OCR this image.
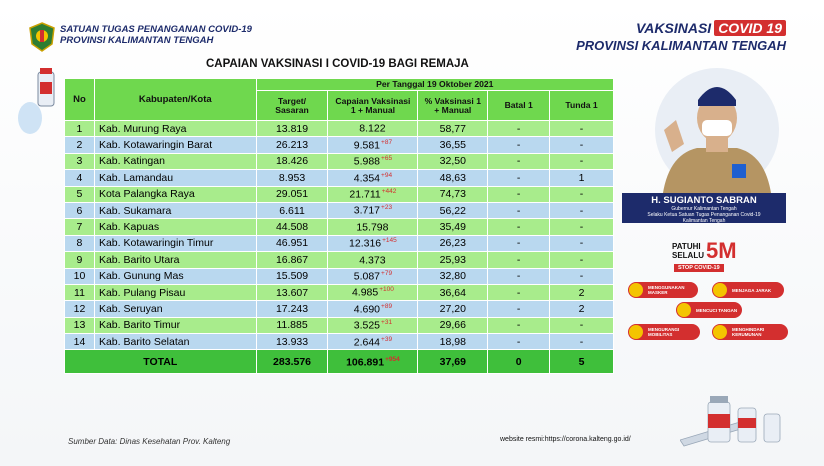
SATUAN TUGAS PENANGANAN COVID-19
PROVINSI KALIMANTAN TENGAH
VAKSINASI COVID 19
PROVINSI KALIMANTAN TENGAH
CAPAIAN VAKSINASI I COVID-19 BAGI REMAJA
No	Kabupaten/Kota	Per Tanggal 19 Oktober 2021				
		Target/ Sasaran	Capaian Vaksinasi 1 + Manual	% Vaksinasi 1 + Manual	Batal 1	Tunda 1
1	Kab. Murung Raya	13.819	8.122	58,77	-	-
2	Kab. Kotawaringin Barat	26.213	$9.581^{+87}$	36,55	-	-
3	Kab. Katingan	18.426	$5.988^{+65}$	32,50	-	-
4	Kab. Lamandau	8.953	$4.354^{+94}$	48,63	-	1
5	Kota Palangka Raya	29.051	$21.711^{+442}$	74,73	-	-
6	Kab. Sukamara	6.611	$3.717^{+23}$	56,22	-	-
7	Kab. Kapuas	44.508	15.798	35,49	-	-
8	Kab. Kotawaringin Timur	46.951	$12.316^{+145}$	26,23	-	-
9	Kab. Barito Utara	16.867	4.373	25,93	-	-
10	Kab. Gunung Mas	15.509	$5.087^{+79}$	32,80	-	-
11	Kab. Pulang Pisau	13.607	$4.985^{+100}$	36,64	-	2
12	Kab. Seruyan	17.243	$4.690^{+89}$	27,20	-	2
13	Kab. Barito Timur	11.885	$3.525^{+31}$	29,66	-	-
14	Kab. Barito Selatan	13.933	$2.644^{+39}$	18,98	-	-
TOTAL		283.576	$106.891^{+954}$	37,69	0	5
Sumber Data: Dinas Kesehatan Prov. Kalteng	website resmi:https://corona.kalteng.go.id/
H. SUGIANTO SABRAN
Gubernur Kalimantan Tengah
Selaku Ketua Satuan Tugas Penanganan Covid-19
Kalimantan Tengah
PATUHI
SELALU 5M
STOP COVID-19
MENGGUNAKAN MASKER	MENJAGA JARAK
MENCUCI TANGAN
MENGURANGI MOBILITAS
MENGHINDARI KERUMUNAN
